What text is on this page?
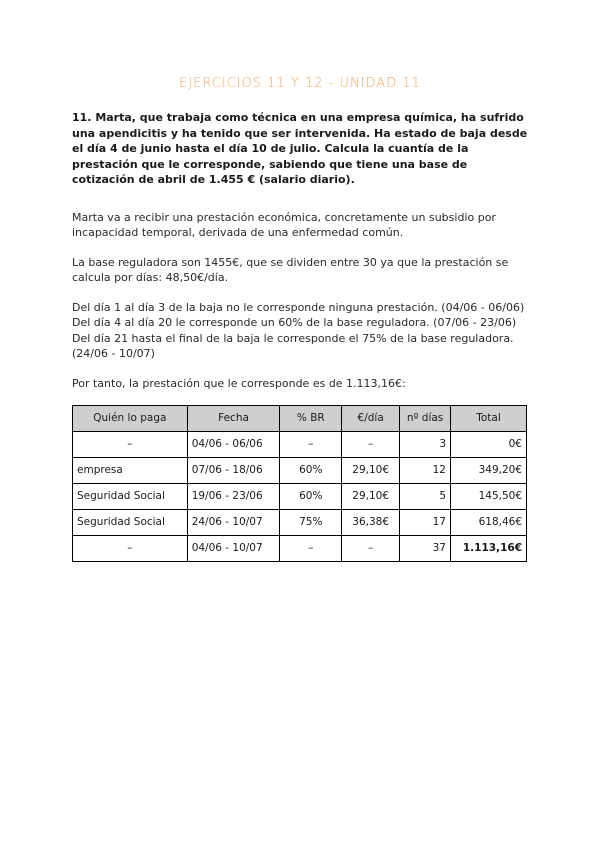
EJERCICIOS 11 Y 12 - UNIDAD 11

11. Marta, que trabaja como técnica en una empresa química, ha sufrido una apendicitis y ha tenido que ser intervenida. Ha estado de baja desde el día 4 de junio hasta el día 10 de julio. Calcula la cuantía de la prestación que le corresponde, sabiendo que tiene una base de cotización de abril de 1.455 € (salario diario).

Marta va a recibir una prestación económica, concretamente un subsidio por incapacidad temporal, derivada de una enfermedad común.

La base reguladora son 1455€, que se dividen entre 30 ya que la prestación se calcula por días: 48,50€/día.

Del día 1 al día 3 de la baja no le corresponde ninguna prestación. (04/06 - 06/06)

Del día 4 al día 20 le corresponde un 60% de la base reguladora. (07/06 - 23/06)

Del día 21 hasta el final de la baja le corresponde el 75% de la base reguladora. (24/06 - 10/07)

Por tanto, la prestación que le corresponde es de 1.113,16€:

Quién lo paga	Fecha	% BR	€/día	nº días	Total
–	04/06 - 06/06	–	–	3	0€
empresa	07/06 - 18/06	60%	29,10€	12	349,20€
Seguridad Social	19/06 - 23/06	60%	29,10€	5	145,50€
Seguridad Social	24/06 - 10/07	75%	36,38€	17	618,46€
–	04/06 - 10/07	–	–	37	1.113,16€
